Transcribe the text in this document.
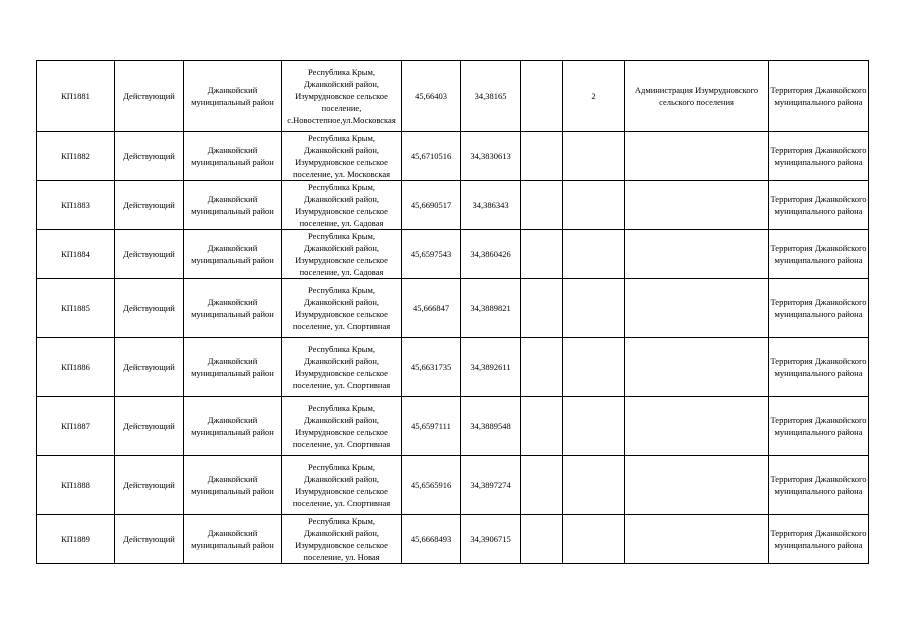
КП1881	Действующий	Джанкойский муниципальный район	Республика Крым, Джанкойский район, Изумрудновское сельское поселение, с.Новостепное,ул.Московская	45,66403	34,38165		2	Администрация Изумрудновского сельского поселения	Территория Джанкойского муниципального района
КП1882	Действующий	Джанкойский муниципальный район	Республика Крым, Джанкойский район, Изумрудновское сельское поселение, ул. Московская	45,6710516	34,3830613				Территория Джанкойского муниципального района
КП1883	Действующий	Джанкойский муниципальный район	Республика Крым, Джанкойский район, Изумрудновское сельское поселение, ул. Садовая	45,6690517	34,386343				Территория Джанкойского муниципального района
КП1884	Действующий	Джанкойский муниципальный район	Республика Крым, Джанкойский район, Изумрудновское сельское поселение, ул. Садовая	45,6597543	34,3860426				Территория Джанкойского муниципального района
КП1885	Действующий	Джанкойский муниципальный район	Республика Крым, Джанкойский район, Изумрудновское сельское поселение, ул. Спортивная	45,666847	34,3889821				Территория Джанкойского муниципального района
КП1886	Действующий	Джанкойский муниципальный район	Республика Крым, Джанкойский район, Изумрудновское сельское поселение, ул. Спортивная	45,6631735	34,3892611				Территория Джанкойского муниципального района
КП1887	Действующий	Джанкойский муниципальный район	Республика Крым, Джанкойский район, Изумрудновское сельское поселение, ул. Спортивная	45,6597111	34,3889548				Территория Джанкойского муниципального района
КП1888	Действующий	Джанкойский муниципальный район	Республика Крым, Джанкойский район, Изумрудновское сельское поселение, ул. Спортивная	45,6565916	34,3897274				Территория Джанкойского муниципального района
КП1889	Действующий	Джанкойский муниципальный район	Республика Крым, Джанкойский район, Изумрудновское сельское поселение, ул. Новая	45,6668493	34,3906715				Территория Джанкойского муниципального района
